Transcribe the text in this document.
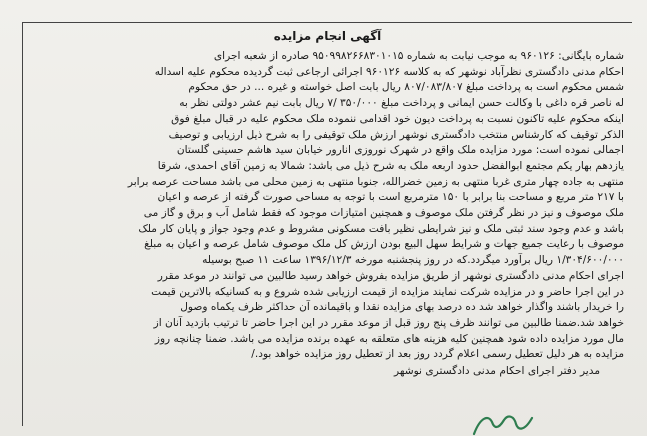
آگهی انجام مزایده

شماره بایگانی: ۹۶۰۱۲۶ به موجب نیابت به شماره ۹۵۰۹۹۸۲۶۶۸۳۰۱۰۱۵ صادره از شعبه اجرای

احکام مدنی دادگستری نظرآباد نوشهر که به کلاسه ۹۶۰۱۲۶ اجرائی ارجاعی ثبت گردیده محکوم علیه اسداله

شمس محکوم است به پرداخت مبلغ ۸۰۷/۰۸۳/۸۰۷ ریال بابت اصل خواسته و غیره ... در حق محکوم

له ناصر قره داغی با وکالت حسن ایمانی و پرداخت مبلغ ۳۵۰/۰۰۰ /۷ ریال بابت نیم عشر دولتی نظر به

اینکه محکوم علیه تاکنون نسبت به پرداخت دیون خود اقدامی ننموده ملک محکوم علیه در قبال مبلغ فوق

الذکر توقیف که کارشناس منتخب دادگستری نوشهر ارزش ملک توقیفی را به شرح ذیل ارزیابی و توصیف

اجمالی نموده است: مورد مزایده ملک واقع در شهرک نوروزی انارور خیابان سید هاشم حسینی گلستان

یازدهم بهار یکم مجتمع ابوالفضل حدود اربعه ملک به شرح ذیل می باشد: شمالا به زمین آقای احمدی، شرقا

منتهی به جاده چهار متری غربا منتهی به زمین خضرالله، جنوبا منتهی به زمین محلی می باشد مساحت عرصه برابر

با ۲۱۷ متر مربع و مساحت بنا برابر با ۱۵۰ مترمربع است با توجه به مساحی صورت گرفته از عرصه و اعیان

ملک موصوف و نیز در نظر گرفتن ملک موصوف و همچنین امتیازات موجود که فقط شامل آب و برق و گاز می

باشد و عدم وجود سند ثبتی ملک و نیز شرایطی نظیر بافت مسکونی مشروط و عدم وجود جواز و پایان کار ملک

موصوف با رعایت جمیع جهات و شرایط سهل البیع بودن ارزش کل ملک موصوف شامل عرصه و اعیان به مبلغ

۱/۳۰۴/۶۰۰/۰۰۰ ریال برآورد میگردد.که در روز پنجشنبه مورخه ۱۳۹۶/۱۲/۳ ساعت ۱۱ صبح بوسیله

اجرای احکام مدنی دادگستری نوشهر از طریق مزایده بفروش خواهد رسید طالبین می توانند در موعد مقرر

در این اجرا حاضر و در مزایده شرکت نمایند مزایده از قیمت ارزیابی شده شروع و به کسانیکه بالاترین قیمت

را خریدار باشند واگذار خواهد شد ده درصد بهای مزایده نقدا و باقیمانده آن حداکثر ظرف یکماه وصول

خواهد شد.ضمنا طالبین می توانند ظرف پنج روز قبل از موعد مقرر در این اجرا حاضر تا ترتیب بازدید آنان از

مال مورد مزایده داده شود همچنین کلیه هزینه های متعلقه به عهده برنده مزایده می باشد. ضمنا چنانچه روز

مزایده به هر دلیل تعطیل رسمی اعلام گردد روز بعد از تعطیل روز مزایده خواهد بود./

مدیر دفتر اجرای احکام مدنی دادگستری نوشهر
